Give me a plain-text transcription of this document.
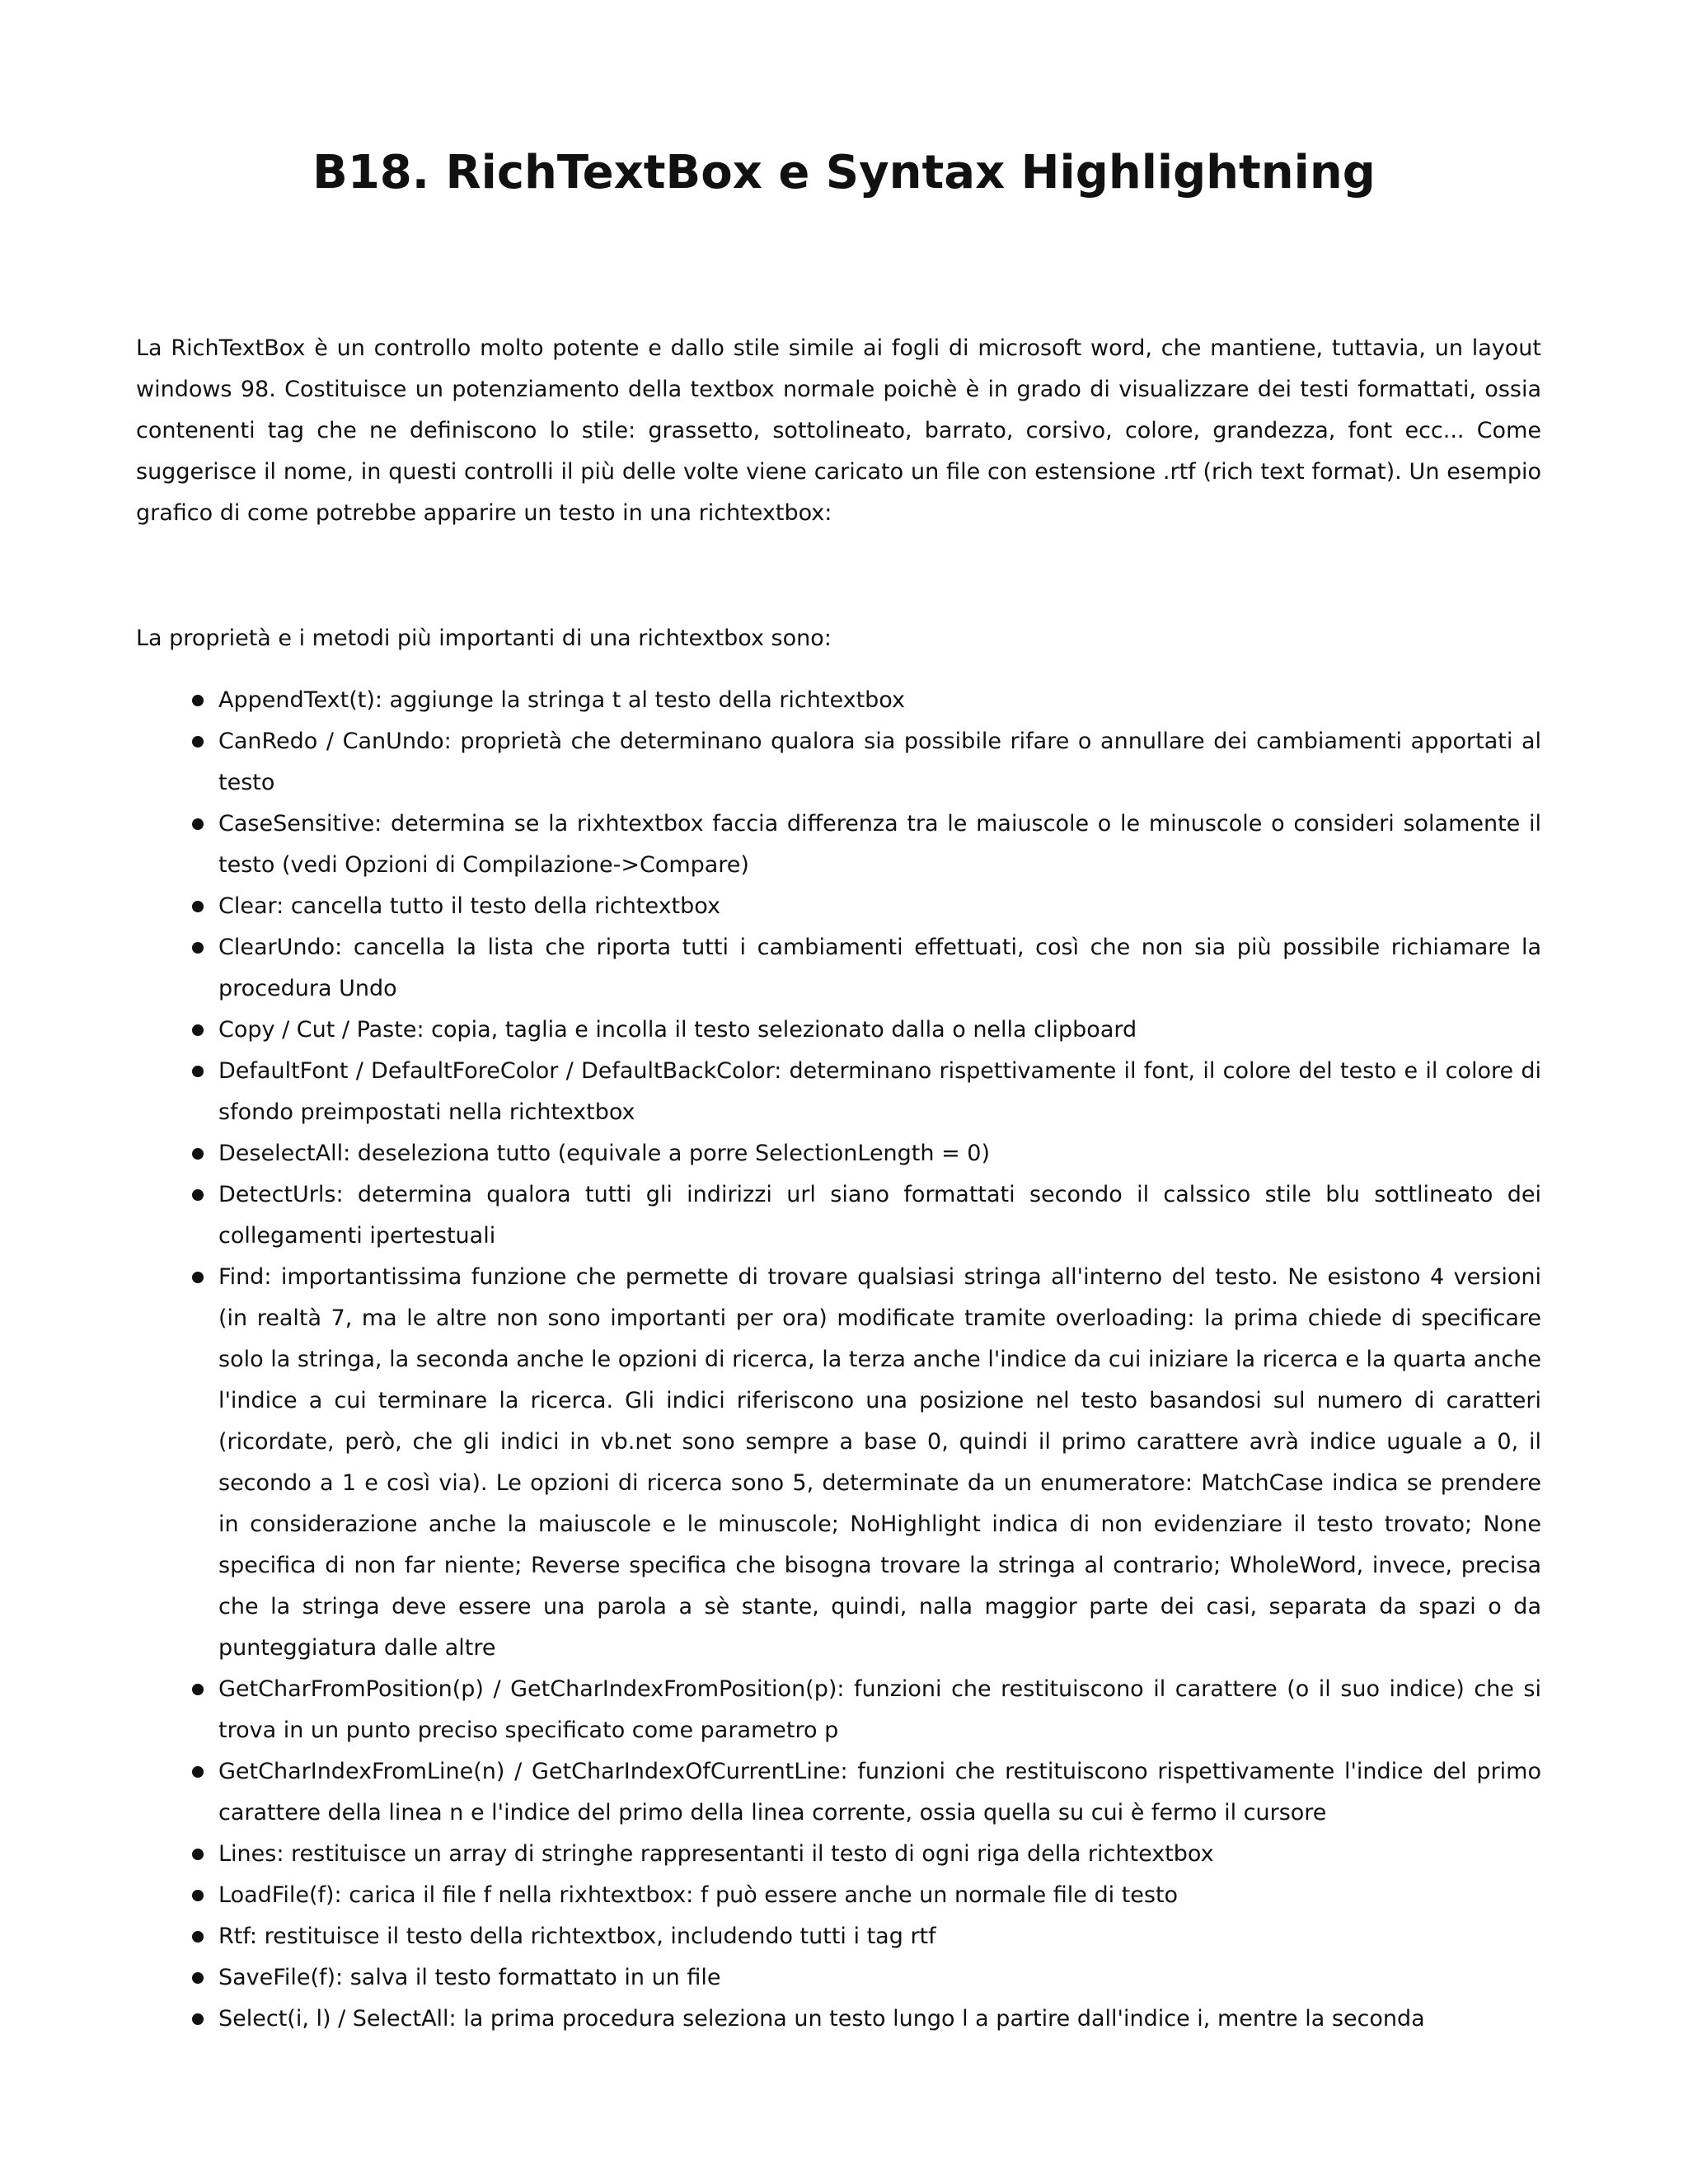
B18. RichTextBox e Syntax Highlightning

La RichTextBox è un controllo molto potente e dallo stile simile ai fogli di microsoft word, che mantiene, tuttavia, un layout windows 98. Costituisce un potenziamento della textbox normale poichè è in grado di visualizzare dei testi formattati, ossia contenenti tag che ne definiscono lo stile: grassetto, sottolineato, barrato, corsivo, colore, grandezza, font ecc... Come suggerisce il nome, in questi controlli il più delle volte viene caricato un file con estensione .rtf (rich text format). Un esempio grafico di come potrebbe apparire un testo in una richtextbox:

La proprietà e i metodi più importanti di una richtextbox sono:

AppendText(t): aggiunge la stringa t al testo della richtextbox
CanRedo / CanUndo: proprietà che determinano qualora sia possibile rifare o annullare dei cambiamenti apportati al testo
CaseSensitive: determina se la rixhtextbox faccia differenza tra le maiuscole o le minuscole o consideri solamente il testo (vedi Opzioni di Compilazione->Compare)
Clear: cancella tutto il testo della richtextbox
ClearUndo: cancella la lista che riporta tutti i cambiamenti effettuati, così che non sia più possibile richiamare la procedura Undo
Copy / Cut / Paste: copia, taglia e incolla il testo selezionato dalla o nella clipboard
DefaultFont / DefaultForeColor / DefaultBackColor: determinano rispettivamente il font, il colore del testo e il colore di sfondo preimpostati nella richtextbox
DeselectAll: deseleziona tutto (equivale a porre SelectionLength = 0)
DetectUrls: determina qualora tutti gli indirizzi url siano formattati secondo il calssico stile blu sottlineato dei collegamenti ipertestuali
Find: importantissima funzione che permette di trovare qualsiasi stringa all'interno del testo. Ne esistono 4 versioni (in realtà 7, ma le altre non sono importanti per ora) modificate tramite overloading: la prima chiede di specificare solo la stringa, la seconda anche le opzioni di ricerca, la terza anche l'indice da cui iniziare la ricerca e la quarta anche l'indice a cui terminare la ricerca. Gli indici riferiscono una posizione nel testo basandosi sul numero di caratteri (ricordate, però, che gli indici in vb.net sono sempre a base 0, quindi il primo carattere avrà indice uguale a 0, il secondo a 1 e così via). Le opzioni di ricerca sono 5, determinate da un enumeratore: MatchCase indica se prendere in considerazione anche la maiuscole e le minuscole; NoHighlight indica di non evidenziare il testo trovato; None specifica di non far niente; Reverse specifica che bisogna trovare la stringa al contrario; WholeWord, invece, precisa che la stringa deve essere una parola a sè stante, quindi, nalla maggior parte dei casi, separata da spazi o da punteggiatura dalle altre
GetCharFromPosition(p) / GetCharIndexFromPosition(p): funzioni che restituiscono il carattere (o il suo indice) che si trova in un punto preciso specificato come parametro p
GetCharIndexFromLine(n) / GetCharIndexOfCurrentLine: funzioni che restituiscono rispettivamente l'indice del primo carattere della linea n e l'indice del primo della linea corrente, ossia quella su cui è fermo il cursore
Lines: restituisce un array di stringhe rappresentanti il testo di ogni riga della richtextbox
LoadFile(f): carica il file f nella rixhtextbox: f può essere anche un normale file di testo
Rtf: restituisce il testo della richtextbox, includendo tutti i tag rtf
SaveFile(f): salva il testo formattato in un file
Select(i, l) / SelectAll: la prima procedura seleziona un testo lungo l a partire dall'indice i, mentre la seconda
